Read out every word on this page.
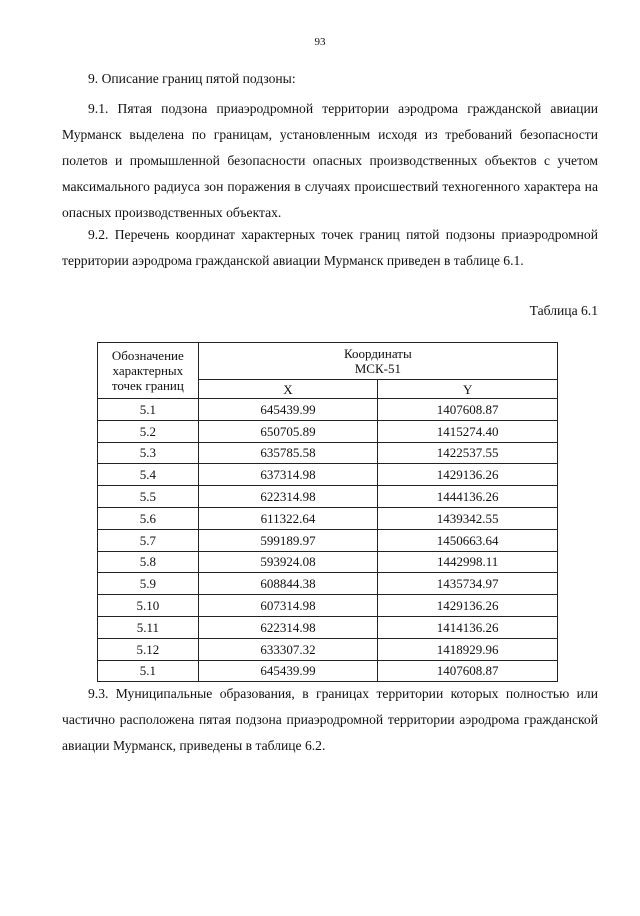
93

9. Описание границ пятой подзоны:

9.1. Пятая подзона приаэродромной территории аэродрома гражданской авиации Мурманск выделена по границам, установленным исходя из требований безопасности полетов и промышленной безопасности опасных производственных объектов с учетом максимального радиуса зон поражения в случаях происшествий техногенного характера на опасных производственных объектах.

9.2. Перечень координат характерных точек границ пятой подзоны приаэродромной территории аэродрома гражданской авиации Мурманск приведен в таблице 6.1.

Таблица 6.1

Обозначение характерных точек границ	Координаты
МСК-51	
	X	Y
5.1	645439.99	1407608.87
5.2	650705.89	1415274.40
5.3	635785.58	1422537.55
5.4	637314.98	1429136.26
5.5	622314.98	1444136.26
5.6	611322.64	1439342.55
5.7	599189.97	1450663.64
5.8	593924.08	1442998.11
5.9	608844.38	1435734.97
5.10	607314.98	1429136.26
5.11	622314.98	1414136.26
5.12	633307.32	1418929.96
5.1	645439.99	1407608.87

9.3. Муниципальные образования, в границах территории которых полностью или частично расположена пятая подзона приаэродромной территории аэродрома гражданской авиации Мурманск, приведены в таблице 6.2.
